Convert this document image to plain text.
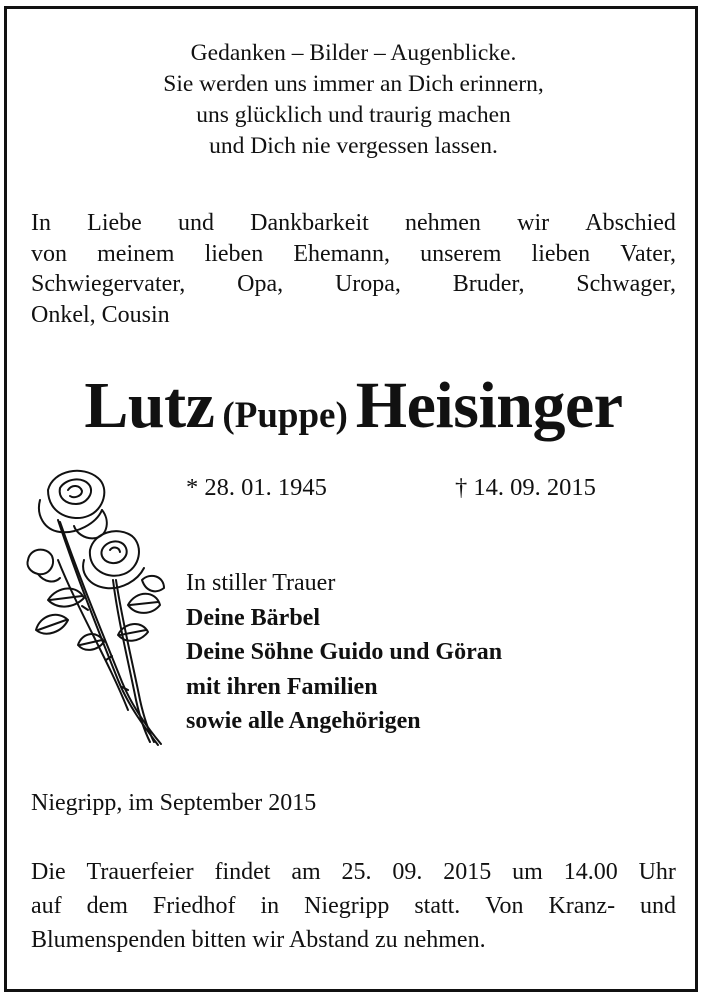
Gedanken – Bilder – Augenblicke.
Sie werden uns immer an Dich erinnern,
uns glücklich und traurig machen
und Dich nie vergessen lassen.
In Liebe und Dankbarkeit nehmen wir Abschied
von meinem lieben Ehemann, unserem lieben Vater,
Schwiegervater, Opa, Uropa, Bruder, Schwager,
Onkel, Cousin
Lutz (Puppe) Heisinger
* 28. 01. 1945	† 14. 09. 2015
In stiller Trauer
Deine Bärbel
Deine Söhne Guido und Göran
mit ihren Familien
sowie alle Angehörigen
Niegripp, im September 2015
Die Trauerfeier findet am 25. 09. 2015 um 14.00 Uhr
auf dem Friedhof in Niegripp statt. Von Kranz- und
Blumenspenden bitten wir Abstand zu nehmen.
